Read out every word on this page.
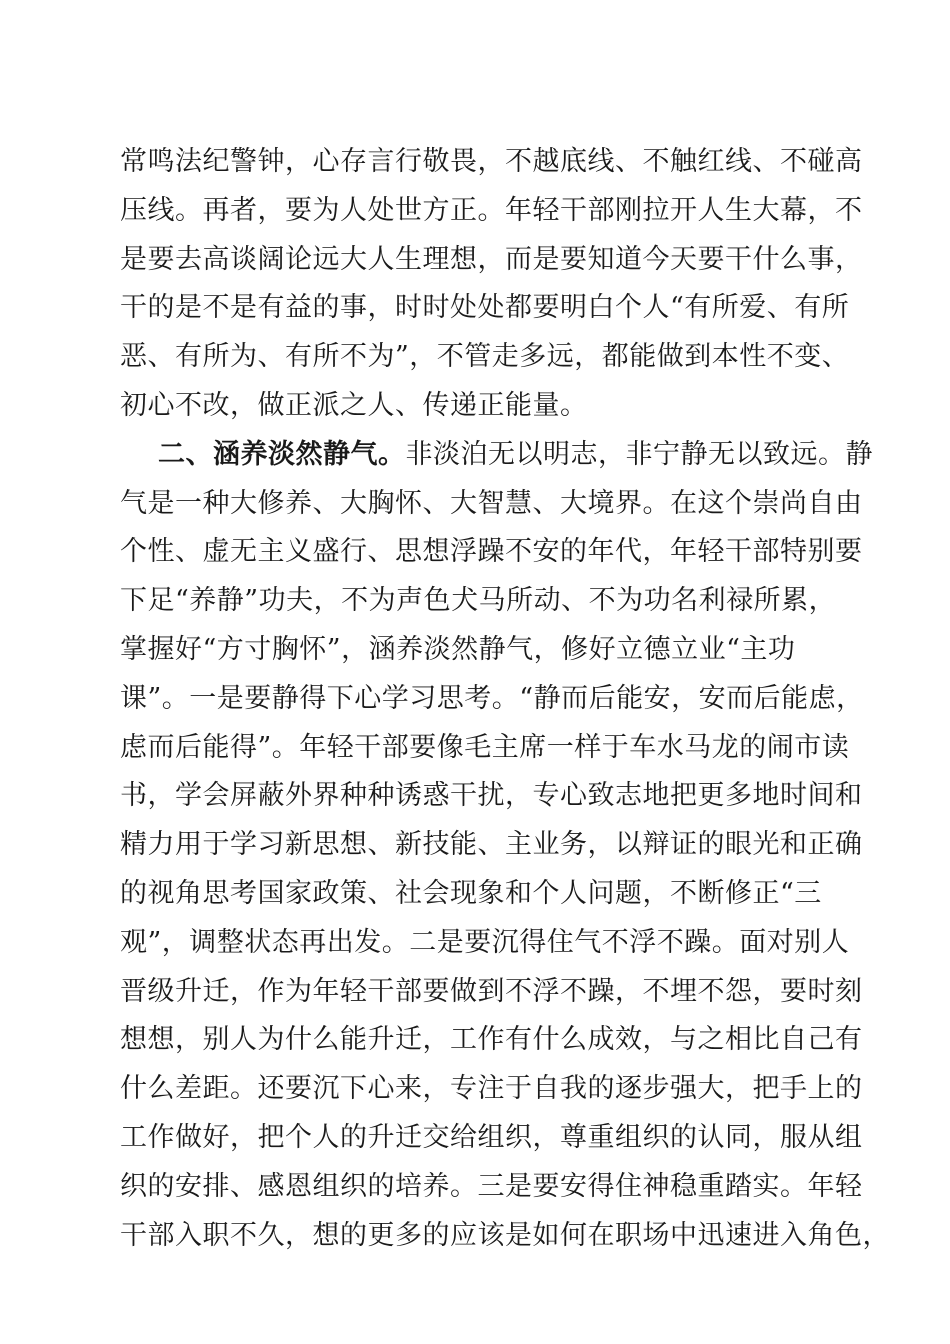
常鸣法纪警钟，心存言行敬畏，不越底线、不触红线、不碰高
压线。再者，要为人处世方正。年轻干部刚拉开人生大幕，不
是要去高谈阔论远大人生理想，而是要知道今天要干什么事，
干的是不是有益的事，时时处处都要明白个人“有所爱、有所
恶、有所为、有所不为”，不管走多远，都能做到本性不变、
初心不改，做正派之人、传递正能量。
二、涵养淡然静气。非淡泊无以明志，非宁静无以致远。静
气是一种大修养、大胸怀、大智慧、大境界。在这个崇尚自由
个性、虚无主义盛行、思想浮躁不安的年代，年轻干部特别要
下足“养静”功夫，不为声色犬马所动、不为功名利禄所累，
掌握好“方寸胸怀”，涵养淡然静气，修好立德立业“主功
课”。一是要静得下心学习思考。“静而后能安，安而后能虑，
虑而后能得”。年轻干部要像毛主席一样于车水马龙的闹市读
书，学会屏蔽外界种种诱惑干扰，专心致志地把更多地时间和
精力用于学习新思想、新技能、主业务，以辩证的眼光和正确
的视角思考国家政策、社会现象和个人问题，不断修正“三
观”，调整状态再出发。二是要沉得住气不浮不躁。面对别人
晋级升迁，作为年轻干部要做到不浮不躁，不埋不怨，要时刻
想想，别人为什么能升迁，工作有什么成效，与之相比自己有
什么差距。还要沉下心来，专注于自我的逐步强大，把手上的
工作做好，把个人的升迁交给组织，尊重组织的认同，服从组
织的安排、感恩组织的培养。三是要安得住神稳重踏实。年轻
干部入职不久，想的更多的应该是如何在职场中迅速进入角色，
